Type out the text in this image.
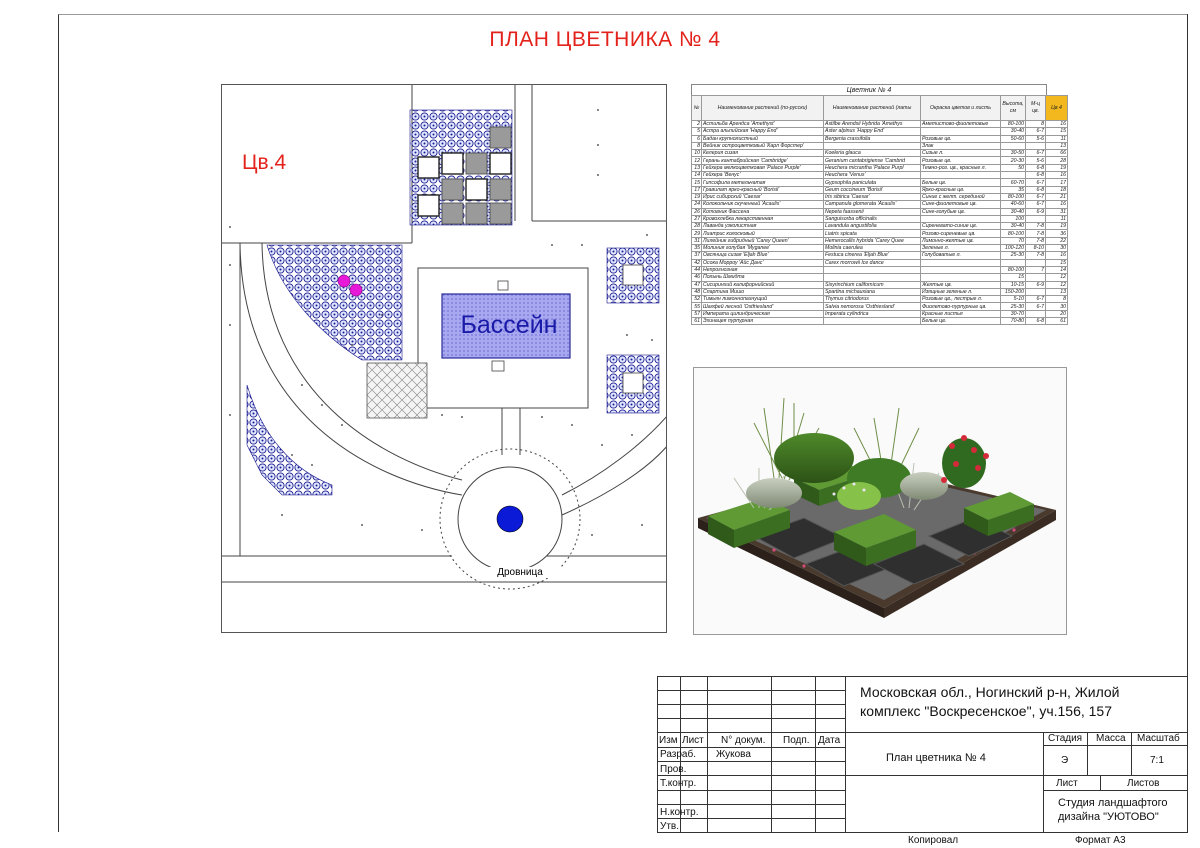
ПЛАН ЦВЕТНИКА № 4
Цв.4
Бассейн
Дровница
Цветник № 4
№	Наименование растений (по-русски)	Наименование растений (латы	Окраска цветов и листь	Высота, см	М-ц цв.	Цв 4
2	Астильба Арендса 'Amethyst'	Astilbe Arendsii Hybrida 'Amethys	Аметистово-фиолетовые	80-100	8	16
5	Астра альпийская 'Happy End'	Aster alpinus 'Happy End'		30-40	6-7	15
6	Бадан крупнолистный	Bergenia crassifolia	Розовые цв.	50-60	5-6	11
8	Вейник остроцветковый 'Карл Форстер'		Злак			13
10	Келерия сизая	Koeleria glauca	Сизые л.	30-50	6-7	66
12	Герань кантабрийская 'Cambridge'	Geranium cantabrigiense 'Cambrid	Розовые цв.	20-30	5-6	28
13	Гейхера мелкоцветковая 'Palace Purple'	Heuchera micrantha 'Palace Purpl	Темно-роз. цв., красные л.	50	6-8	19
14	Гейхера 'Венус'	Heuchera 'Venus'			6-8	16
15	Гипсофила метельчатая	Gypsophila paniculata	Белые цв.	60-70	6-7	17
17	Гравилат ярко-красный 'Borisii'	Geum coccineum 'Borisii'	Ярко-красные цв.	35	6-8	18
19	Ирис сибирский 'Caesar'	Iris sibirica 'Caesar'	Синие с желт. серединой	80-100	6-7	21
24	Колокольчик скученный 'Acaulis'	Campanula glomerata 'Acaulis'	Сине-фиолетовые цв.	40-60	6-7	16
26	Котовник Фассена	Nepeta faassenii	Сине-голубые цв.	30-40	6-9	31
27	Кровохлебка лекарственная	Sanguisorba officinalis		100		11
28	Лаванда узколистная	Lavandula angustifolia	Сиреневато-синие цв.	30-40	7-8	19
29	Лиатрис колосковый	Liatris spicata	Розово-сиреневые цв.	80-100	7-8	36
31	Лилейник гибридный 'Carey Queen'	Hemerocallis hybrida 'Carey Quee	Лимонно-желтые цв.	70	7-8	22
35	Молиния голубая 'Myganee'	Molinia caerulea	Зеленые л.	100-120	8-10	30
37	Овсяница сизая 'Eljah Blue'	Festuca cinerea 'Eljah Blue'	Голубоватые л.	25-30	7-8	16
42	Осока Морроу 'Айс Данс'	Carex morrowii Ice dance				15
44	Непрогнозная			80-100	7	14
46	Полынь Шмидта			15		12
47	Сисиринхий калифорнийский	Sisyrinchium californicum	Желтые цв.	10-15	6-9	12
48	Спартина Мишо	Spartina michauxiana	Изящные зеленые л.	150-200		13
52	Тимьян лимоннопахнущий	Thymus citriodorus	Розовые цв., пестрые л.	5-10	6-7	8
55	Шалфей лесной 'Ostfriesland'	Salvia nemorosa 'Ostfriesland'	Фиолетово-пурпурные цв.	25-30	6-7	30
57	Императа цилиндрическая	Imperata cylindrica	Красные листья	30-70		20
61	Эхинацея пурпурная		Белые цв.	70-80	6-8	61
Московская обл., Ногинский р-н, Жилой
комплекс "Воскресенское", уч.156, 157
Изм Лист N° докум. Подп. Дата
Разраб. Жукова
Пров.
Т.контр.
Н.контр.
Утв.
План цветника № 4
Стадия Масса Масштаб
Э	7:1
Лист	Листов
Студия ландшафтого
дизайна "УЮТОВО"
Копировал	Формат А3
